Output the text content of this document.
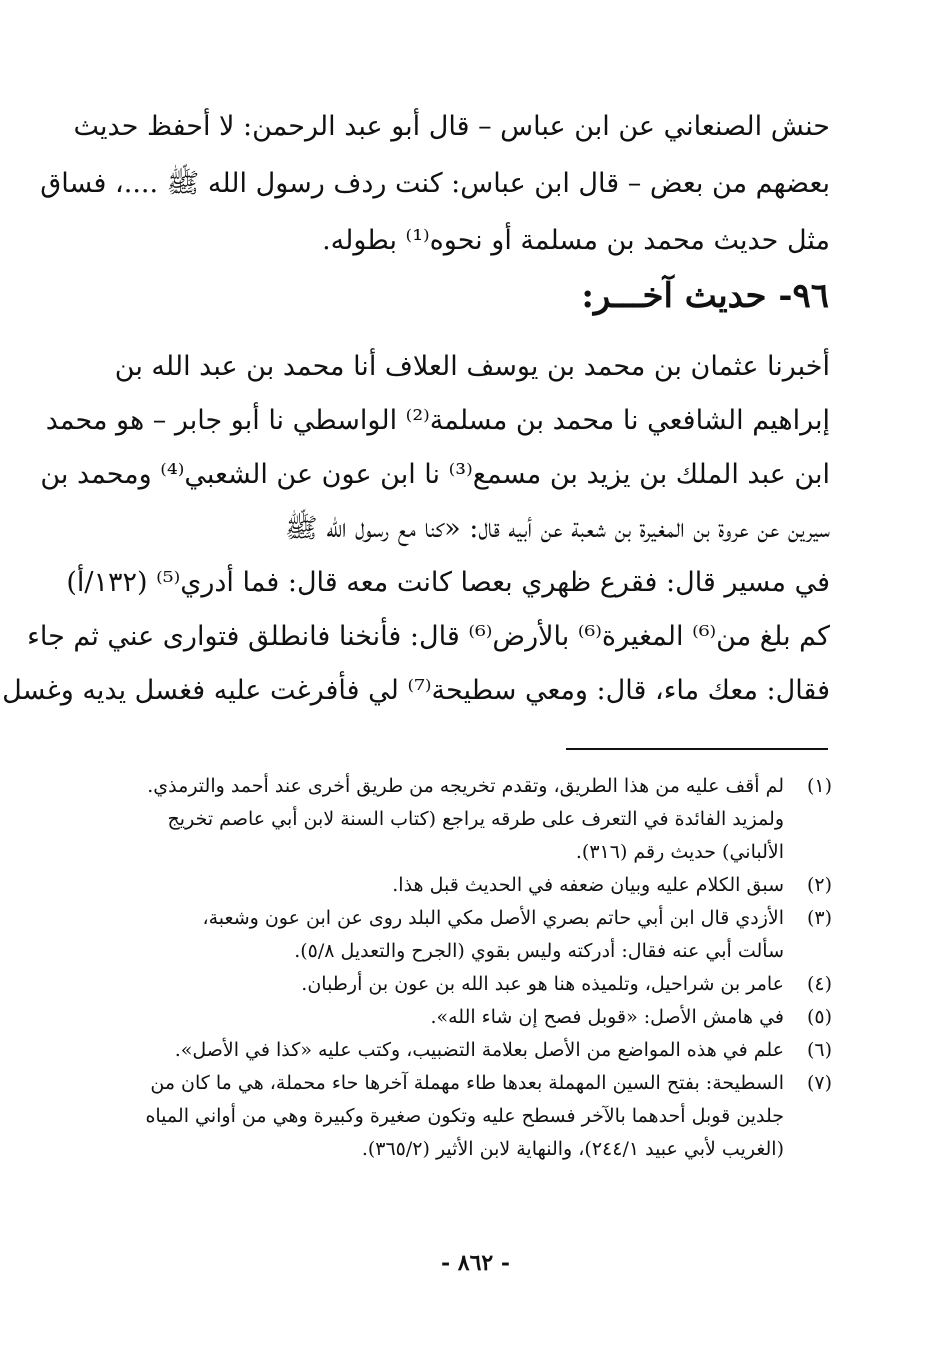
حنش الصنعاني عن ابن عباس – قال أبو عبد الرحمن: لا أحفظ حديث
بعضهم من بعض – قال ابن عباس: كنت ردف رسول الله ﷺ ....، فساق
مثل حديث محمد بن مسلمة أو نحوه⁽¹⁾ بطوله.
٩٦- حديث آخـــر:
أخبرنا عثمان بن محمد بن يوسف العلاف أنا محمد بن عبد الله بن
إبراهيم الشافعي نا محمد بن مسلمة⁽²⁾ الواسطي نا أبو جابر – هو محمد
ابن عبد الملك بن يزيد بن مسمع⁽³⁾ نا ابن عون عن الشعبي⁽⁴⁾ ومحمد بن
سيرين عن عروة بن المغيرة بن شعبة عن أبيه قال: «كنا مع رسول الله ﷺ
في مسير قال: فقرع ظهري بعصا كانت معه قال: فما أدري⁽⁵⁾ (١٣٢/أ)
كم بلغ من⁽⁶⁾ المغيرة⁽⁶⁾ بالأرض⁽⁶⁾ قال: فأنخنا فانطلق فتوارى عني ثم جاء
فقال: معك ماء، قال: ومعي سطيحة⁽⁷⁾ لي فأفرغت عليه فغسل يديه وغسل
(١)
لم أقف عليه من هذا الطريق، وتقدم تخريجه من طريق أخرى عند أحمد والترمذي.
ولمزيد الفائدة في التعرف على طرقه يراجع (كتاب السنة لابن أبي عاصم تخريج
الألباني) حديث رقم (٣١٦).
(٢)
سبق الكلام عليه وبيان ضعفه في الحديث قبل هذا.
(٣)
الأزدي قال ابن أبي حاتم بصري الأصل مكي البلد روى عن ابن عون وشعبة،
سألت أبي عنه فقال: أدركته وليس بقوي (الجرح والتعديل ٥/٨).
(٤)
عامر بن شراحيل، وتلميذه هنا هو عبد الله بن عون بن أرطبان.
(٥)
في هامش الأصل: «قوبل فصح إن شاء الله».
(٦)
علم في هذه المواضع من الأصل بعلامة التضبيب، وكتب عليه «كذا في الأصل».
(٧)
السطيحة: بفتح السين المهملة بعدها طاء مهملة آخرها حاء محملة، هي ما كان من
جلدين قوبل أحدهما بالآخر فسطح عليه وتكون صغيرة وكبيرة وهي من أواني المياه
(الغريب لأبي عبيد ٢٤٤/١)، والنهاية لابن الأثير (٣٦٥/٢).
- ٨٦٢ -
